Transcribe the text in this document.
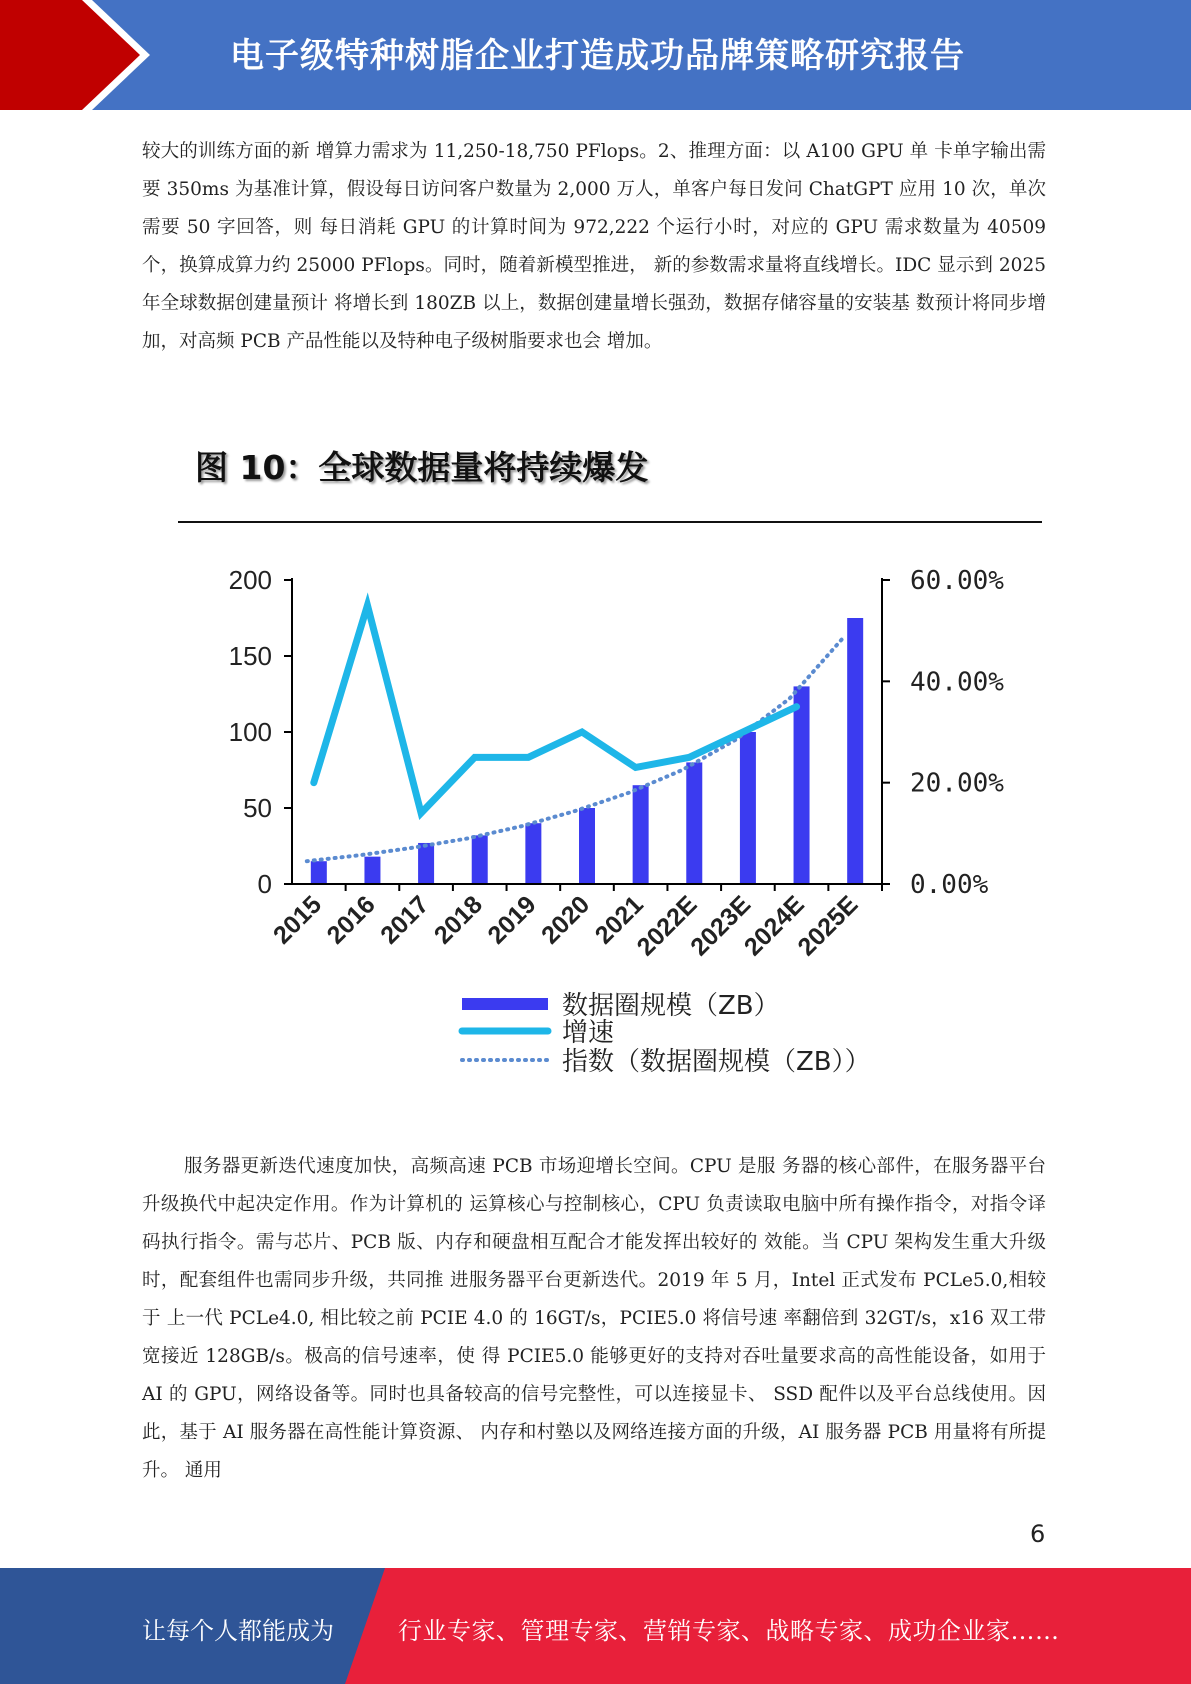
电子级特种树脂企业打造成功品牌策略研究报告

较大的训练方面的新 增算力需求为 11,250-18,750 PFlops。2、推理方面：以 A100 GPU 单 卡单字输出需要 350ms 为基准计算，假设每日访问客户数量为 2,000 万人，单客户每日发问 ChatGPT 应用 10 次，单次需要 50 字回答，则 每日消耗 GPU 的计算时间为 972,222 个运行小时，对应的 GPU 需求数量为 40509 个，换算成算力约 25000 PFlops。同时，随着新模型推进， 新的参数需求量将直线增长。IDC 显示到 2025 年全球数据创建量预计 将增长到 180ZB 以上，数据创建量增长强劲，数据存储容量的安装基 数预计将同步增加，对高频 PCB 产品性能以及特种电子级树脂要求也会 增加。

图 10：全球数据量将持续爆发
0
50
100
150
200
0.00%
20.00%
40.00%
60.00%
2015
2016
2017
2018
2019
2020
2021
2022E
2023E
2024E
2025E
数据圈规模（ZB）
增速
指数（数据圈规模（ZB））

服务器更新迭代速度加快，高频高速 PCB 市场迎增长空间。CPU 是服 务器的核心部件，在服务器平台升级换代中起决定作用。作为计算机的 运算核心与控制核心，CPU 负责读取电脑中所有操作指令，对指令译码执行指令。需与芯片、PCB 版、内存和硬盘相互配合才能发挥出较好的 效能。当 CPU 架构发生重大升级时，配套组件也需同步升级，共同推 进服务器平台更新迭代。2019 年 5 月，Intel 正式发布 PCLe5.0,相较于 上一代 PCLe4.0, 相比较之前 PCIE 4.0 的 16GT/s，PCIE5.0 将信号速 率翻倍到 32GT/s，x16 双工带宽接近 128GB/s。极高的信号速率，使 得 PCIE5.0 能够更好的支持对吞吐量要求高的高性能设备，如用于 AI 的 GPU，网络设备等。同时也具备较高的信号完整性，可以连接显卡、 SSD 配件以及平台总线使用。因此，基于 AI 服务器在高性能计算资源、 内存和村塾以及网络连接方面的升级，AI 服务器 PCB 用量将有所提升。 通用

6
让每个人都能成为	行业专家、管理专家、营销专家、战略专家、成功企业家……
